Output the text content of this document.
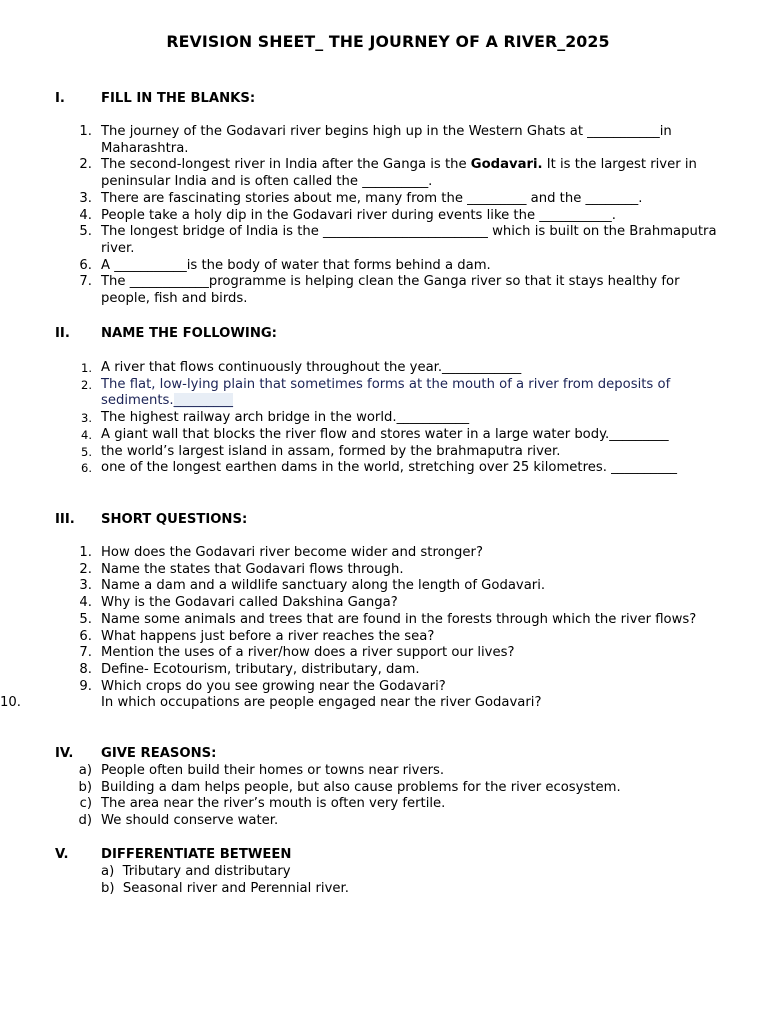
REVISION SHEET_ THE JOURNEY OF A RIVER_2025
I.	FILL IN THE BLANKS:
1. The journey of the Godavari river begins high up in the Western Ghats at ___________in Maharashtra.
2. The second-longest river in India after the Ganga is the Godavari. It is the largest river in peninsular India and is often called the __________.
3. There are fascinating stories about me, many from the _________ and the ________.
4. People take a holy dip in the Godavari river during events like the ___________.
5. The longest bridge of India is the _________________________ which is built on the Brahmaputra river.
6. A ___________is the body of water that forms behind a dam.
7. The ____________programme is helping clean the Ganga river so that it stays healthy for people, fish and birds.
II. NAME THE FOLLOWING:
1. A river that flows continuously throughout the year.____________
2. The flat, low-lying plain that sometimes forms at the mouth of a river from deposits of sediments._________
3. The highest railway arch bridge in the world.___________
4. A giant wall that blocks the river flow and stores water in a large water body._________
5. the world’s largest island in assam, formed by the brahmaputra river.
6. one of the longest earthen dams in the world, stretching over 25 kilometres. __________
III. SHORT QUESTIONS:
1. How does the Godavari river become wider and stronger?
2. Name the states that Godavari flows through.
3. Name a dam and a wildlife sanctuary along the length of Godavari.
4. Why is the Godavari called Dakshina Ganga?
5. Name some animals and trees that are found in the forests through which the river flows?
6. What happens just before a river reaches the sea?
7. Mention the uses of a river/how does a river support our lives?
8. Define- Ecotourism, tributary, distributary, dam.
9. Which crops do you see growing near the Godavari?
10.	In which occupations are people engaged near the river Godavari?
IV. GIVE REASONS:
a) People often build their homes or towns near rivers.
b) Building a dam helps people, but also cause problems for the river ecosystem.
c) The area near the river’s mouth is often very fertile.
d) We should conserve water.
V. DIFFERENTIATE BETWEEN
a) Tributary and distributary
b) Seasonal river and Perennial river.
